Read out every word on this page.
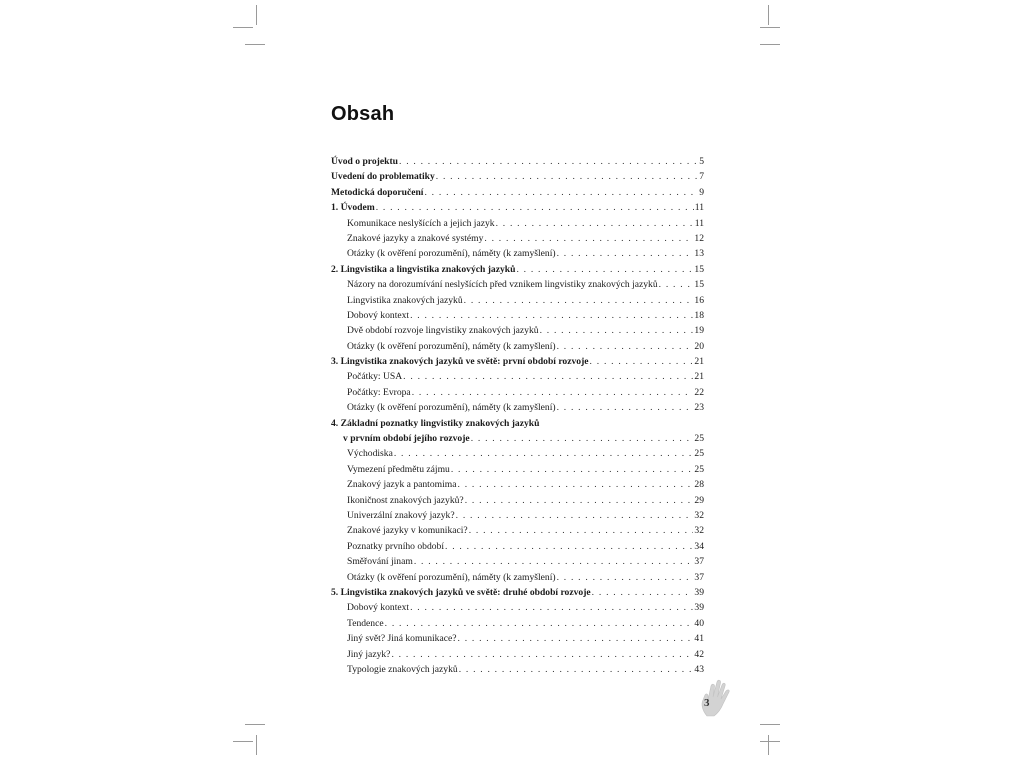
Obsah
Úvod o projektu . . .	5
Uvedení do problematiky . . .	7
Metodická doporučení . . .	9
1. Úvodem . . .	11
Komunikace neslyšících a jejich jazyk . . .	11
Znakové jazyky a znakové systémy . . .	12
Otázky (k ověření porozumění), náměty (k zamyšlení) . . .	13
2. Lingvistika a lingvistika znakových jazyků . . .	15
Názory na dorozumívání neslyšících před vznikem lingvistiky znakových jazyků . . .	15
Lingvistika znakových jazyků . . .	16
Dobový kontext . . .	18
Dvě období rozvoje lingvistiky znakových jazyků . . .	19
Otázky (k ověření porozumění), náměty (k zamyšlení) . . .	20
3. Lingvistika znakových jazyků ve světě: první období rozvoje . . .	21
Počátky: USA . . .	21
Počátky: Evropa . . .	22
Otázky (k ověření porozumění), náměty (k zamyšlení) . . .	23
4. Základní poznatky lingvistiky znakových jazyků
v prvním období jejího rozvoje . . .	25
Východiska . . .	25
Vymezení předmětu zájmu . . .	25
Znakový jazyk a pantomima . . .	28
Ikoničnost znakových jazyků? . . .	29
Univerzální znakový jazyk? . . .	32
Znakové jazyky v komunikaci? . . .	32
Poznatky prvního období . . .	34
Směřování jinam . . .	37
Otázky (k ověření porozumění), náměty (k zamyšlení) . . .	37
5. Lingvistika znakových jazyků ve světě: druhé období rozvoje . . .	39
Dobový kontext . . .	39
Tendence . . .	40
Jiný svět? Jiná komunikace? . . .	41
Jiný jazyk? . . .	42
Typologie znakových jazyků . . .	43
3
